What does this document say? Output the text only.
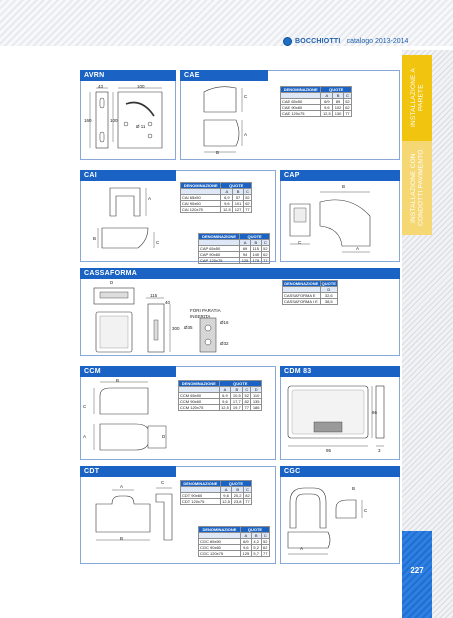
BOCCHIOTTI catalogo 2013-2014
INSTALLAZIONE A PARETE
INSTALLAZIONE CON CONDOTTI PAVIMENTO
227
AVRN
43	100
160	100
Ø 11
CAE
C
A
B
DENOMINAZIONE	QUOTE		
	A	B	C
CAE 65x50	6/9	89	52
CAE 90x60	9,6	102	62
CAE 120x75	12,5	130	77
CAI
A
B
C
DENOMINAZIONE	QUOTE		
	A	B	C
CAI 65x50	6,9	57	52
CAI 90x60	9,6	101	62
CAI 120x75	12,5	127	77
CAP
B
C
A
DENOMINAZIONE	QUOTE		
	A	B	C
CAP 65x50	69	115	52
CAP 90x60	94	140	62
CAP 120x75	125	175	77
CASSAFORMA
D
115
40
300
FORI PARATIA INSERITA
Ø35
Ø16
Ø32
DENOMINAZIONE	QUOTE
	D
CASSAFORMA E	32,6
CASSAFORMA I E	38,5
CCM
B
C
A	D
DENOMINAZIONE	QUOTE			
	A	B	C	D
CCM 65x50	6,9	10,5	52	110
CCM 90x60	9,6	17,7	82	135
CCM 120x75	12,5	19,7	77	186
CDM 83
95
66
3
CDT
A
B
C	DENOMINAZIONE	QUOTE		
	A	B	C
CDT 90x60	9,6	20,2	82
CDT 120x75	12,5	23,8	77
CGC
B
A
C
DENOMINAZIONE	QUOTE		
	A	B	C
CGC 65x50	6/9	4,2	52
CGC 90x60	9,6	5,2	62
CGC 120x75	125	5,7	77
